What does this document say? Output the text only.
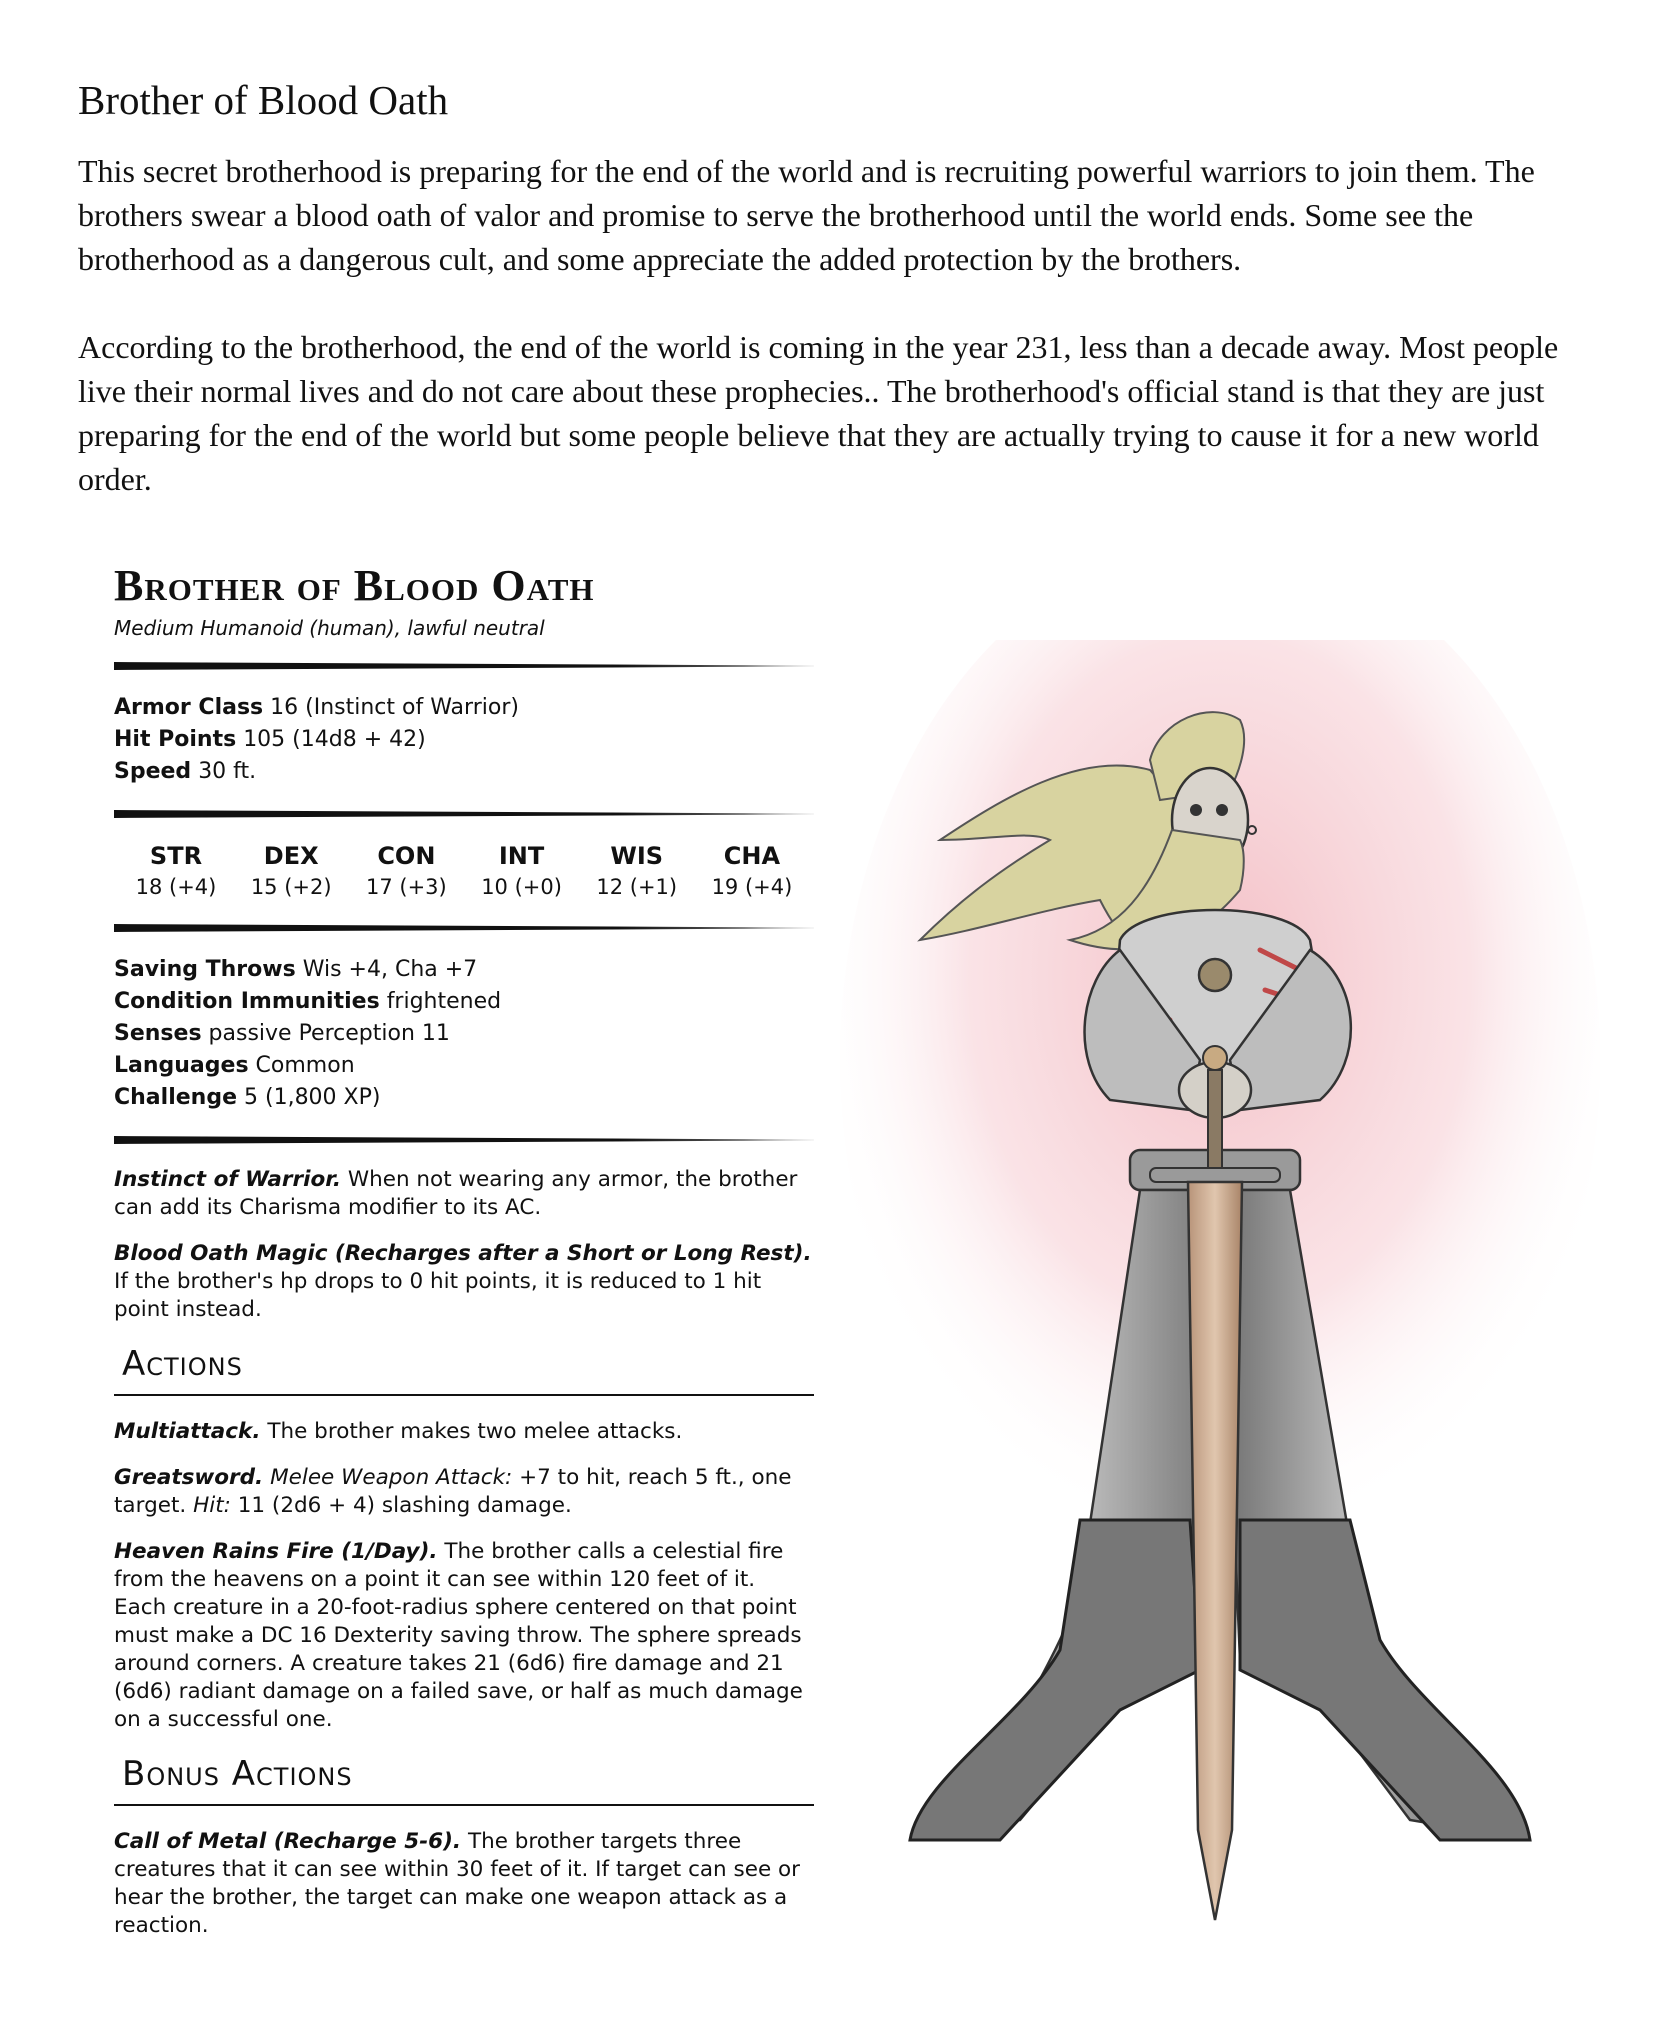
Brother of Blood Oath

This secret brotherhood is preparing for the end of the world and is recruiting powerful warriors to join them. The brothers swear a blood oath of valor and promise to serve the brotherhood until the world ends. Some see the brotherhood as a dangerous cult, and some appreciate the added protection by the brothers.

According to the brotherhood, the end of the world is coming in the year 231, less than a decade away. Most people live their normal lives and do not care about these prophecies.. The brotherhood's official stand is that they are just preparing for the end of the world but some people believe that they are actually trying to cause it for a new world order.

Brother of Blood Oath
Medium Humanoid (human), lawful neutral
Armor Class 16 (Instinct of Warrior)
Hit Points 105 (14d8 + 42)
Speed 30 ft.
STR
18 (+4)
DEX
15 (+2)
CON
17 (+3)
INT
10 (+0)
WIS
12 (+1)
CHA
19 (+4)
Saving Throws Wis +4, Cha +7
Condition Immunities frightened
Senses passive Perception 11
Languages Common
Challenge 5 (1,800 XP)

Instinct of Warrior. When not wearing any armor, the brother can add its Charisma modifier to its AC.

Blood Oath Magic (Recharges after a Short or Long Rest). If the brother's hp drops to 0 hit points, it is reduced to 1 hit point instead.

Actions

Multiattack. The brother makes two melee attacks.

Greatsword. Melee Weapon Attack: +7 to hit, reach 5 ft., one target. Hit: 11 (2d6 + 4) slashing damage.

Heaven Rains Fire (1/Day). The brother calls a celestial fire from the heavens on a point it can see within 120 feet of it. Each creature in a 20-foot-radius sphere centered on that point must make a DC 16 Dexterity saving throw. The sphere spreads around corners. A creature takes 21 (6d6) fire damage and 21 (6d6) radiant damage on a failed save, or half as much damage on a successful one.

Bonus Actions

Call of Metal (Recharge 5-6). The brother targets three creatures that it can see within 30 feet of it. If target can see or hear the brother, the target can make one weapon attack as a reaction.
